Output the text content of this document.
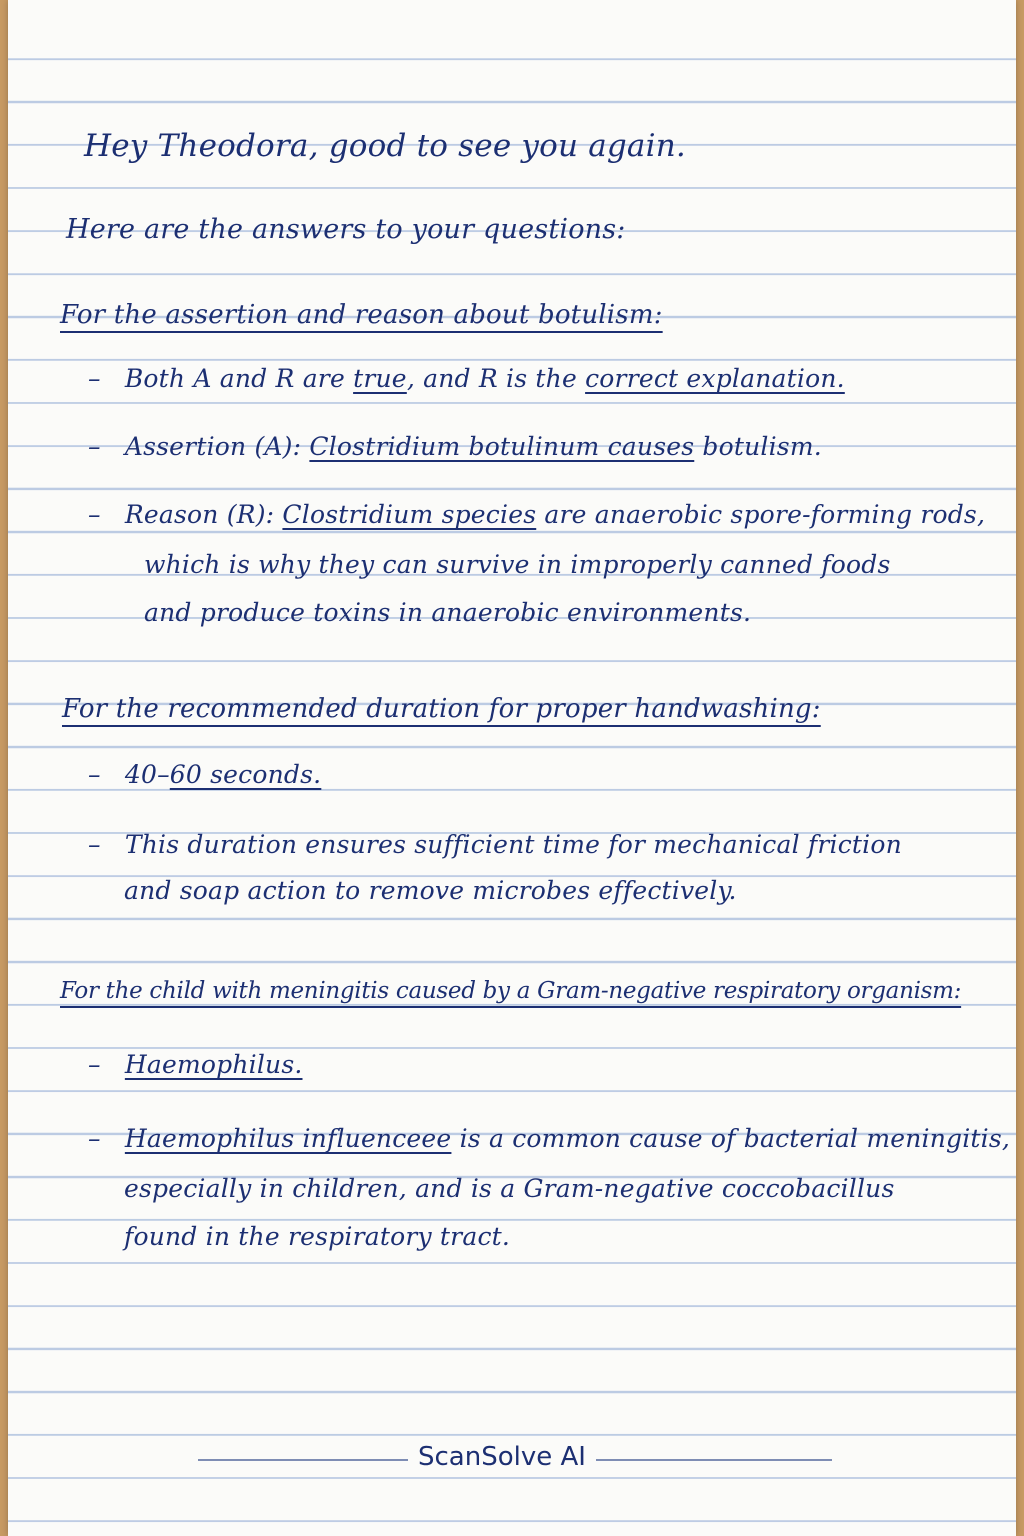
Hey Theodora, good to see you again.
Here are the answers to your questions:
For the assertion and reason about botulism:
– Both A and R are true, and R is the correct explanation.
– Assertion (A): Clostridium botulinum causes botulism.
– Reason (R): Clostridium species are anaerobic spore-forming rods,
which is why they can survive in improperly canned foods
and produce toxins in anaerobic environments.
For the recommended duration for proper handwashing:
– 40–60 seconds.
– This duration ensures sufficient time for mechanical friction
and soap action to remove microbes effectively.
For the child with meningitis caused by a Gram-negative respiratory organism:
– Haemophilus.
– Haemophilus influenceee is a common cause of bacterial meningitis,
especially in children, and is a Gram-negative coccobacillus
found in the respiratory tract.
ScanSolve AI
